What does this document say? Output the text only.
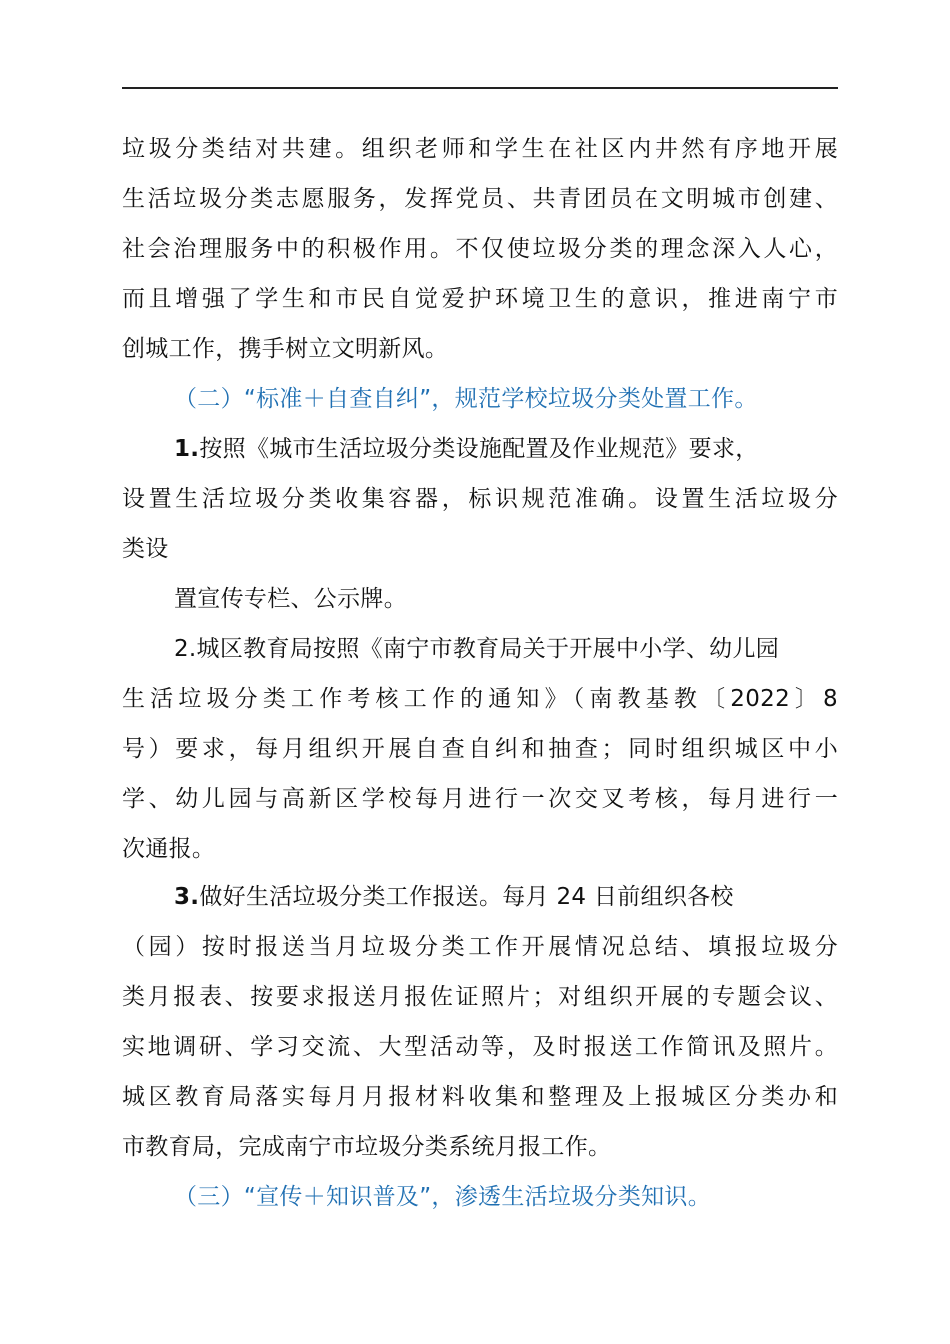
垃圾分类结对共建。组织老师和学生在社区内井然有序地开展
生活垃圾分类志愿服务，发挥党员、共青团员在文明城市创建、
社会治理服务中的积极作用。不仅使垃圾分类的理念深入人心，
而且增强了学生和市民自觉爱护环境卫生的意识，推进南宁市
创城工作，携手树立文明新风。
（二）“标准＋自查自纠”，规范学校垃圾分类处置工作。
1.按照《城市生活垃圾分类设施配置及作业规范》要求，
设置生活垃圾分类收集容器，标识规范准确。设置生活垃圾分
类设
置宣传专栏、公示牌。
2.城区教育局按照《南宁市教育局关于开展中小学、幼儿园
生活垃圾分类工作考核工作的通知》（南教基教〔2022〕8
号）要求，每月组织开展自查自纠和抽查；同时组织城区中小
学、幼儿园与高新区学校每月进行一次交叉考核，每月进行一
次通报。
3.做好生活垃圾分类工作报送。每月 24 日前组织各校
（园）按时报送当月垃圾分类工作开展情况总结、填报垃圾分
类月报表、按要求报送月报佐证照片；对组织开展的专题会议、
实地调研、学习交流、大型活动等，及时报送工作简讯及照片。
城区教育局落实每月月报材料收集和整理及上报城区分类办和
市教育局，完成南宁市垃圾分类系统月报工作。
（三）“宣传＋知识普及”，渗透生活垃圾分类知识。
